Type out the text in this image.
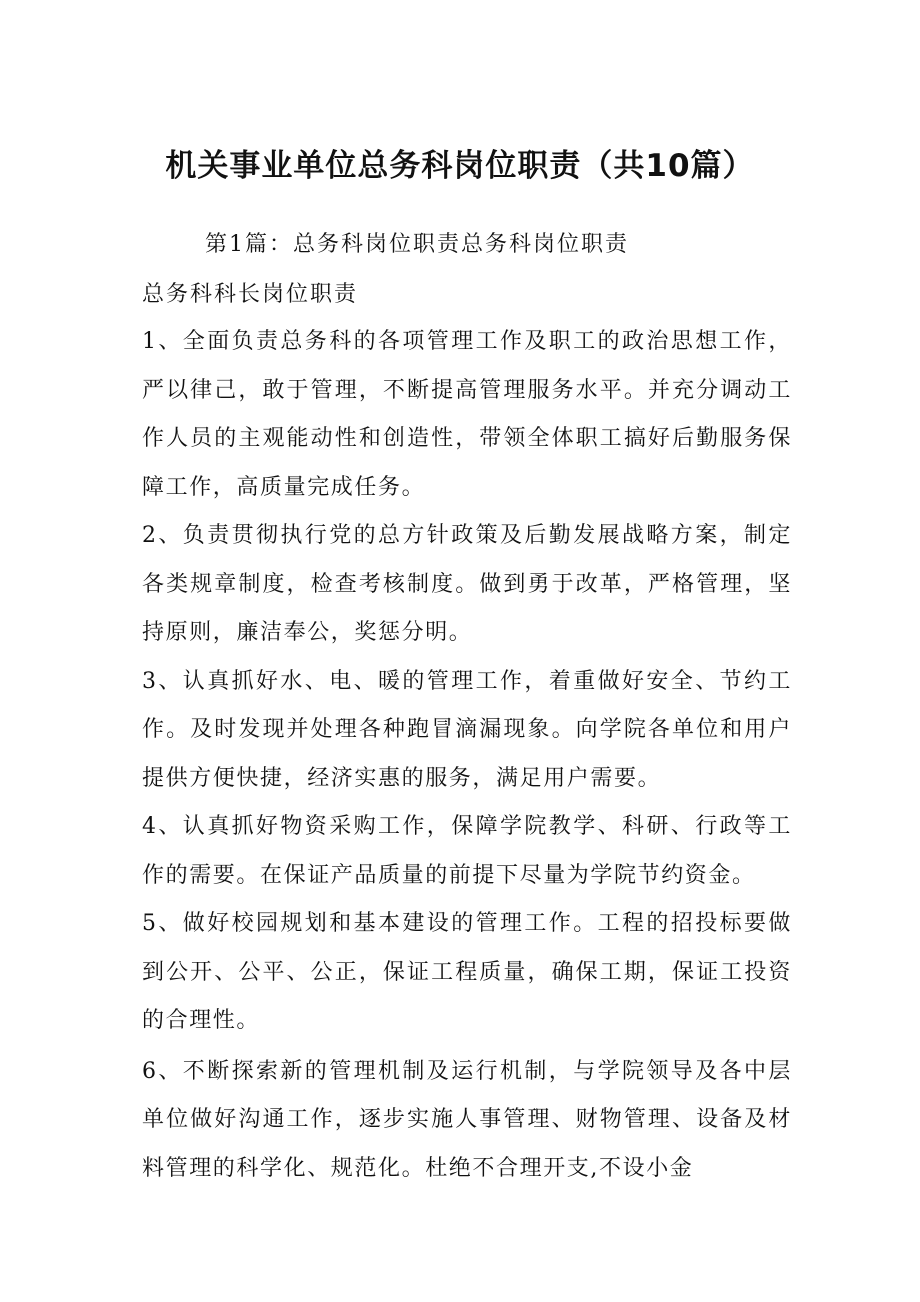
机关事业单位总务科岗位职责（共10篇）

第1篇：总务科岗位职责总务科岗位职责

总务科科长岗位职责

1、全面负责总务科的各项管理工作及职工的政治思想工作，严以律己，敢于管理，不断提高管理服务水平。并充分调动工作人员的主观能动性和创造性，带领全体职工搞好后勤服务保障工作，高质量完成任务。

2、负责贯彻执行党的总方针政策及后勤发展战略方案，制定各类规章制度，检查考核制度。做到勇于改革，严格管理，坚持原则，廉洁奉公，奖惩分明。

3、认真抓好水、电、暖的管理工作，着重做好安全、节约工作。及时发现并处理各种跑冒滴漏现象。向学院各单位和用户提供方便快捷，经济实惠的服务，满足用户需要。

4、认真抓好物资采购工作，保障学院教学、科研、行政等工作的需要。在保证产品质量的前提下尽量为学院节约资金。

5、做好校园规划和基本建设的管理工作。工程的招投标要做到公开、公平、公正，保证工程质量，确保工期，保证工投资的合理性。

6、不断探索新的管理机制及运行机制，与学院领导及各中层单位做好沟通工作，逐步实施人事管理、财物管理、设备及材料管理的科学化、规范化。杜绝不合理开支,不设小金
